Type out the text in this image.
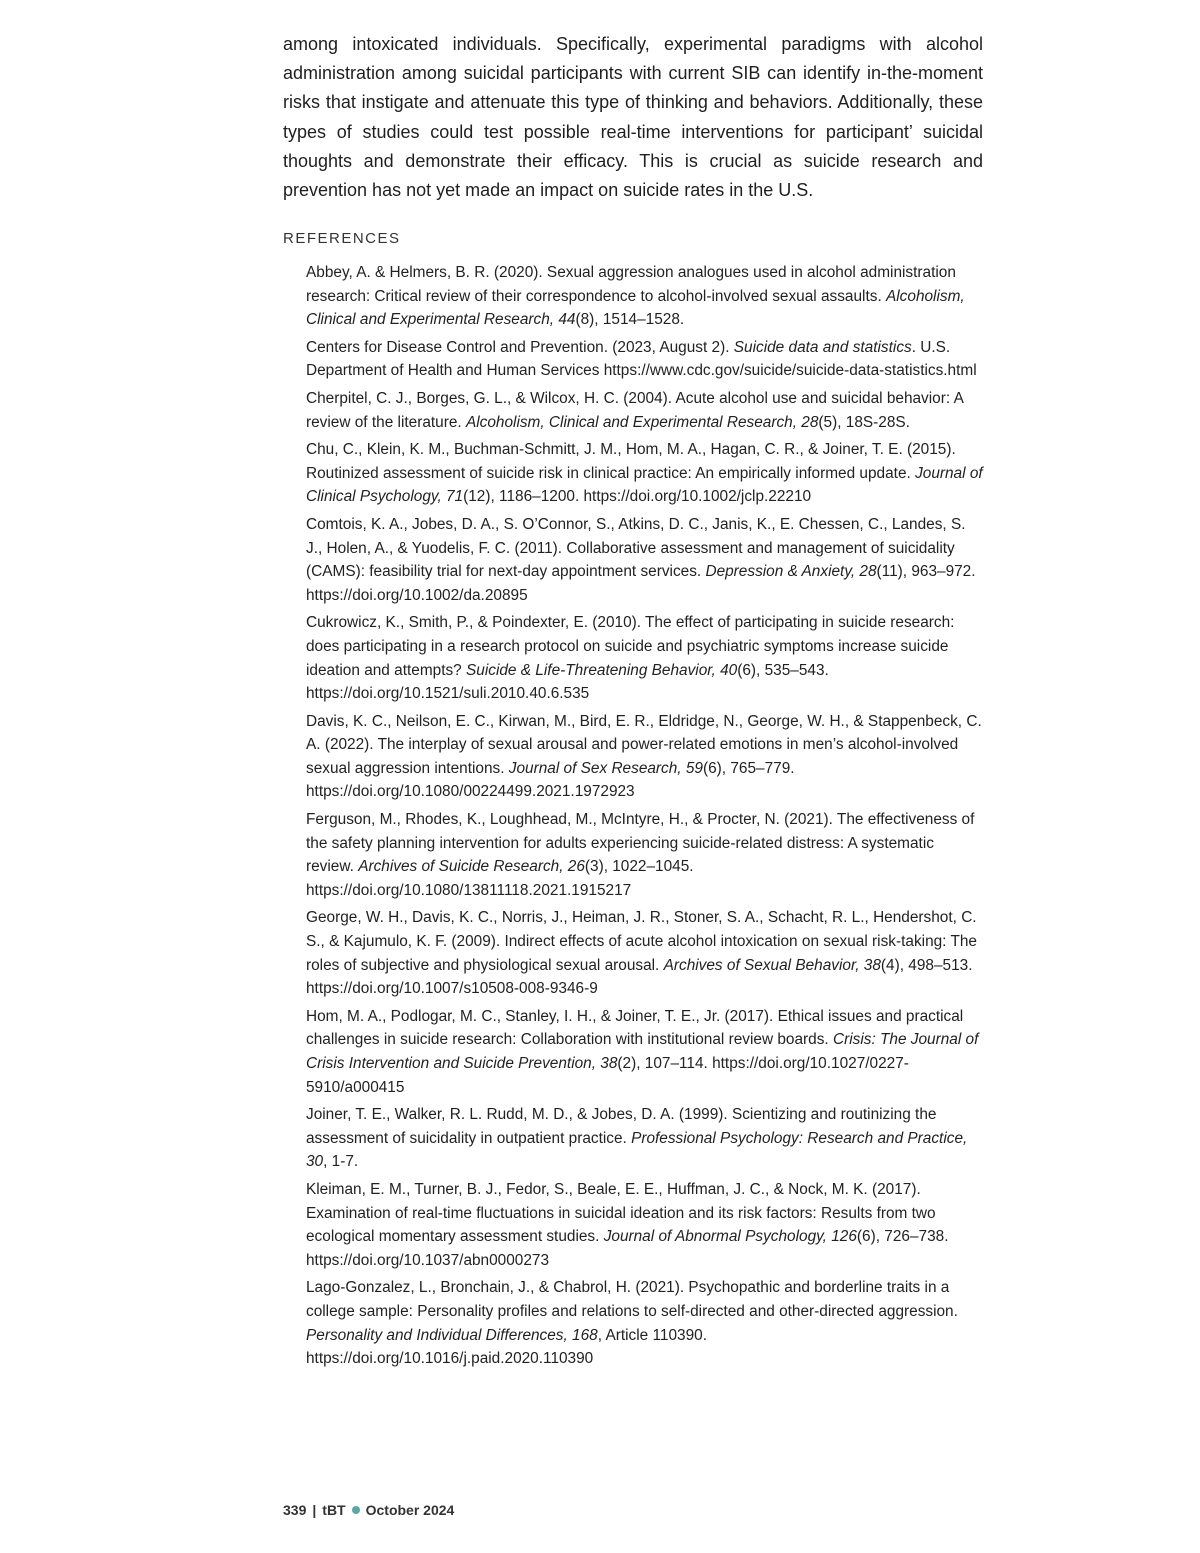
among intoxicated individuals. Specifically, experimental paradigms with alcohol administration among suicidal participants with current SIB can identify in-the-moment risks that instigate and attenuate this type of thinking and behaviors. Additionally, these types of studies could test possible real-time interventions for participant’ suicidal thoughts and demonstrate their efficacy. This is crucial as suicide research and prevention has not yet made an impact on suicide rates in the U.S.

REFERENCES
Abbey, A. & Helmers, B. R. (2020). Sexual aggression analogues used in alcohol administration research: Critical review of their correspondence to alcohol-involved sexual assaults. Alcoholism, Clinical and Experimental Research, 44(8), 1514–1528.
Centers for Disease Control and Prevention. (2023, August 2). Suicide data and statistics. U.S. Department of Health and Human Services https://www.cdc.gov/suicide/suicide-data-statistics.html
Cherpitel, C. J., Borges, G. L., & Wilcox, H. C. (2004). Acute alcohol use and suicidal behavior: A review of the literature. Alcoholism, Clinical and Experimental Research, 28(5), 18S-28S.
Chu, C., Klein, K. M., Buchman-Schmitt, J. M., Hom, M. A., Hagan, C. R., & Joiner, T. E. (2015). Routinized assessment of suicide risk in clinical practice: An empirically informed update. Journal of Clinical Psychology, 71(12), 1186–1200. https://doi.org/10.1002/jclp.22210
Comtois, K. A., Jobes, D. A., S. O’Connor, S., Atkins, D. C., Janis, K., E. Chessen, C., Landes, S. J., Holen, A., & Yuodelis, F. C. (2011). Collaborative assessment and management of suicidality (CAMS): feasibility trial for next-day appointment services. Depression & Anxiety, 28(11), 963–972. https://doi.org/10.1002/da.20895
Cukrowicz, K., Smith, P., & Poindexter, E. (2010). The effect of participating in suicide research: does participating in a research protocol on suicide and psychiatric symptoms increase suicide ideation and attempts? Suicide & Life-Threatening Behavior, 40(6), 535–543. https://doi.org/10.1521/suli.2010.40.6.535
Davis, K. C., Neilson, E. C., Kirwan, M., Bird, E. R., Eldridge, N., George, W. H., & Stappenbeck, C. A. (2022). The interplay of sexual arousal and power-related emotions in men’s alcohol-involved sexual aggression intentions. Journal of Sex Research, 59(6), 765–779. https://doi.org/10.1080/00224499.2021.1972923
Ferguson, M., Rhodes, K., Loughhead, M., McIntyre, H., & Procter, N. (2021). The effectiveness of the safety planning intervention for adults experiencing suicide-related distress: A systematic review. Archives of Suicide Research, 26(3), 1022–1045. https://doi.org/10.1080/13811118.2021.1915217
George, W. H., Davis, K. C., Norris, J., Heiman, J. R., Stoner, S. A., Schacht, R. L., Hendershot, C. S., & Kajumulo, K. F. (2009). Indirect effects of acute alcohol intoxication on sexual risk-taking: The roles of subjective and physiological sexual arousal. Archives of Sexual Behavior, 38(4), 498–513. https://doi.org/10.1007/s10508-008-9346-9
Hom, M. A., Podlogar, M. C., Stanley, I. H., & Joiner, T. E., Jr. (2017). Ethical issues and practical challenges in suicide research: Collaboration with institutional review boards. Crisis: The Journal of Crisis Intervention and Suicide Prevention, 38(2), 107–114. https://doi.org/10.1027/0227-5910/a000415
Joiner, T. E., Walker, R. L. Rudd, M. D., & Jobes, D. A. (1999). Scientizing and routinizing the assessment of suicidality in outpatient practice. Professional Psychology: Research and Practice, 30, 1-7.
Kleiman, E. M., Turner, B. J., Fedor, S., Beale, E. E., Huffman, J. C., & Nock, M. K. (2017). Examination of real-time fluctuations in suicidal ideation and its risk factors: Results from two ecological momentary assessment studies. Journal of Abnormal Psychology, 126(6), 726–738. https://doi.org/10.1037/abn0000273
Lago-Gonzalez, L., Bronchain, J., & Chabrol, H. (2021). Psychopathic and borderline traits in a college sample: Personality profiles and relations to self-directed and other-directed aggression. Personality and Individual Differences, 168, Article 110390. https://doi.org/10.1016/j.paid.2020.110390
339 | tBT October 2024
